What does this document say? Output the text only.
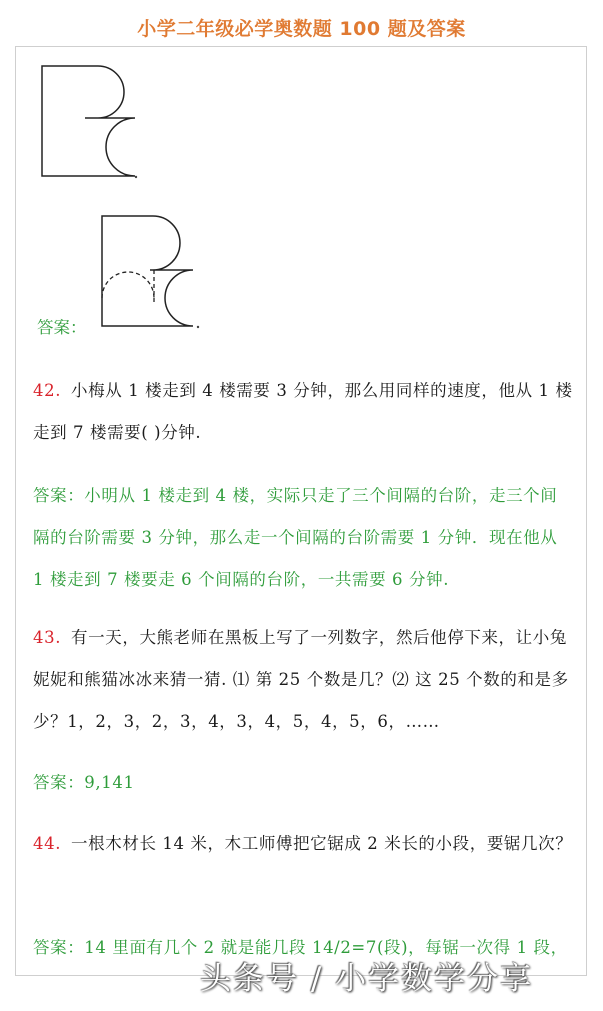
小学二年级必学奥数题 100 题及答案
答案：
42. 小梅从 1 楼走到 4 楼需要 3 分钟，那么用同样的速度，他从 1 楼走到 7 楼需要( )分钟.
答案：小明从 1 楼走到 4 楼，实际只走了三个间隔的台阶，走三个间隔的台阶需要 3 分钟，那么走一个间隔的台阶需要 1 分钟．现在他从 1 楼走到 7 楼要走 6 个间隔的台阶，一共需要 6 分钟.
43. 有一天，大熊老师在黑板上写了一列数字，然后他停下来，让小兔妮妮和熊猫冰冰来猜一猜. ⑴ 第 25 个数是几？⑵ 这 25 个数的和是多少？1，2，3，2，3，4，3，4，5，4，5，6，……
答案：9,141
44. 一根木材长 14 米，木工师傅把它锯成 2 米长的小段，要锯几次？
答案：14 里面有几个 2 就是能几段 14/2=7(段)，每锯一次得 1 段，
头条号 / 小学数学分享
